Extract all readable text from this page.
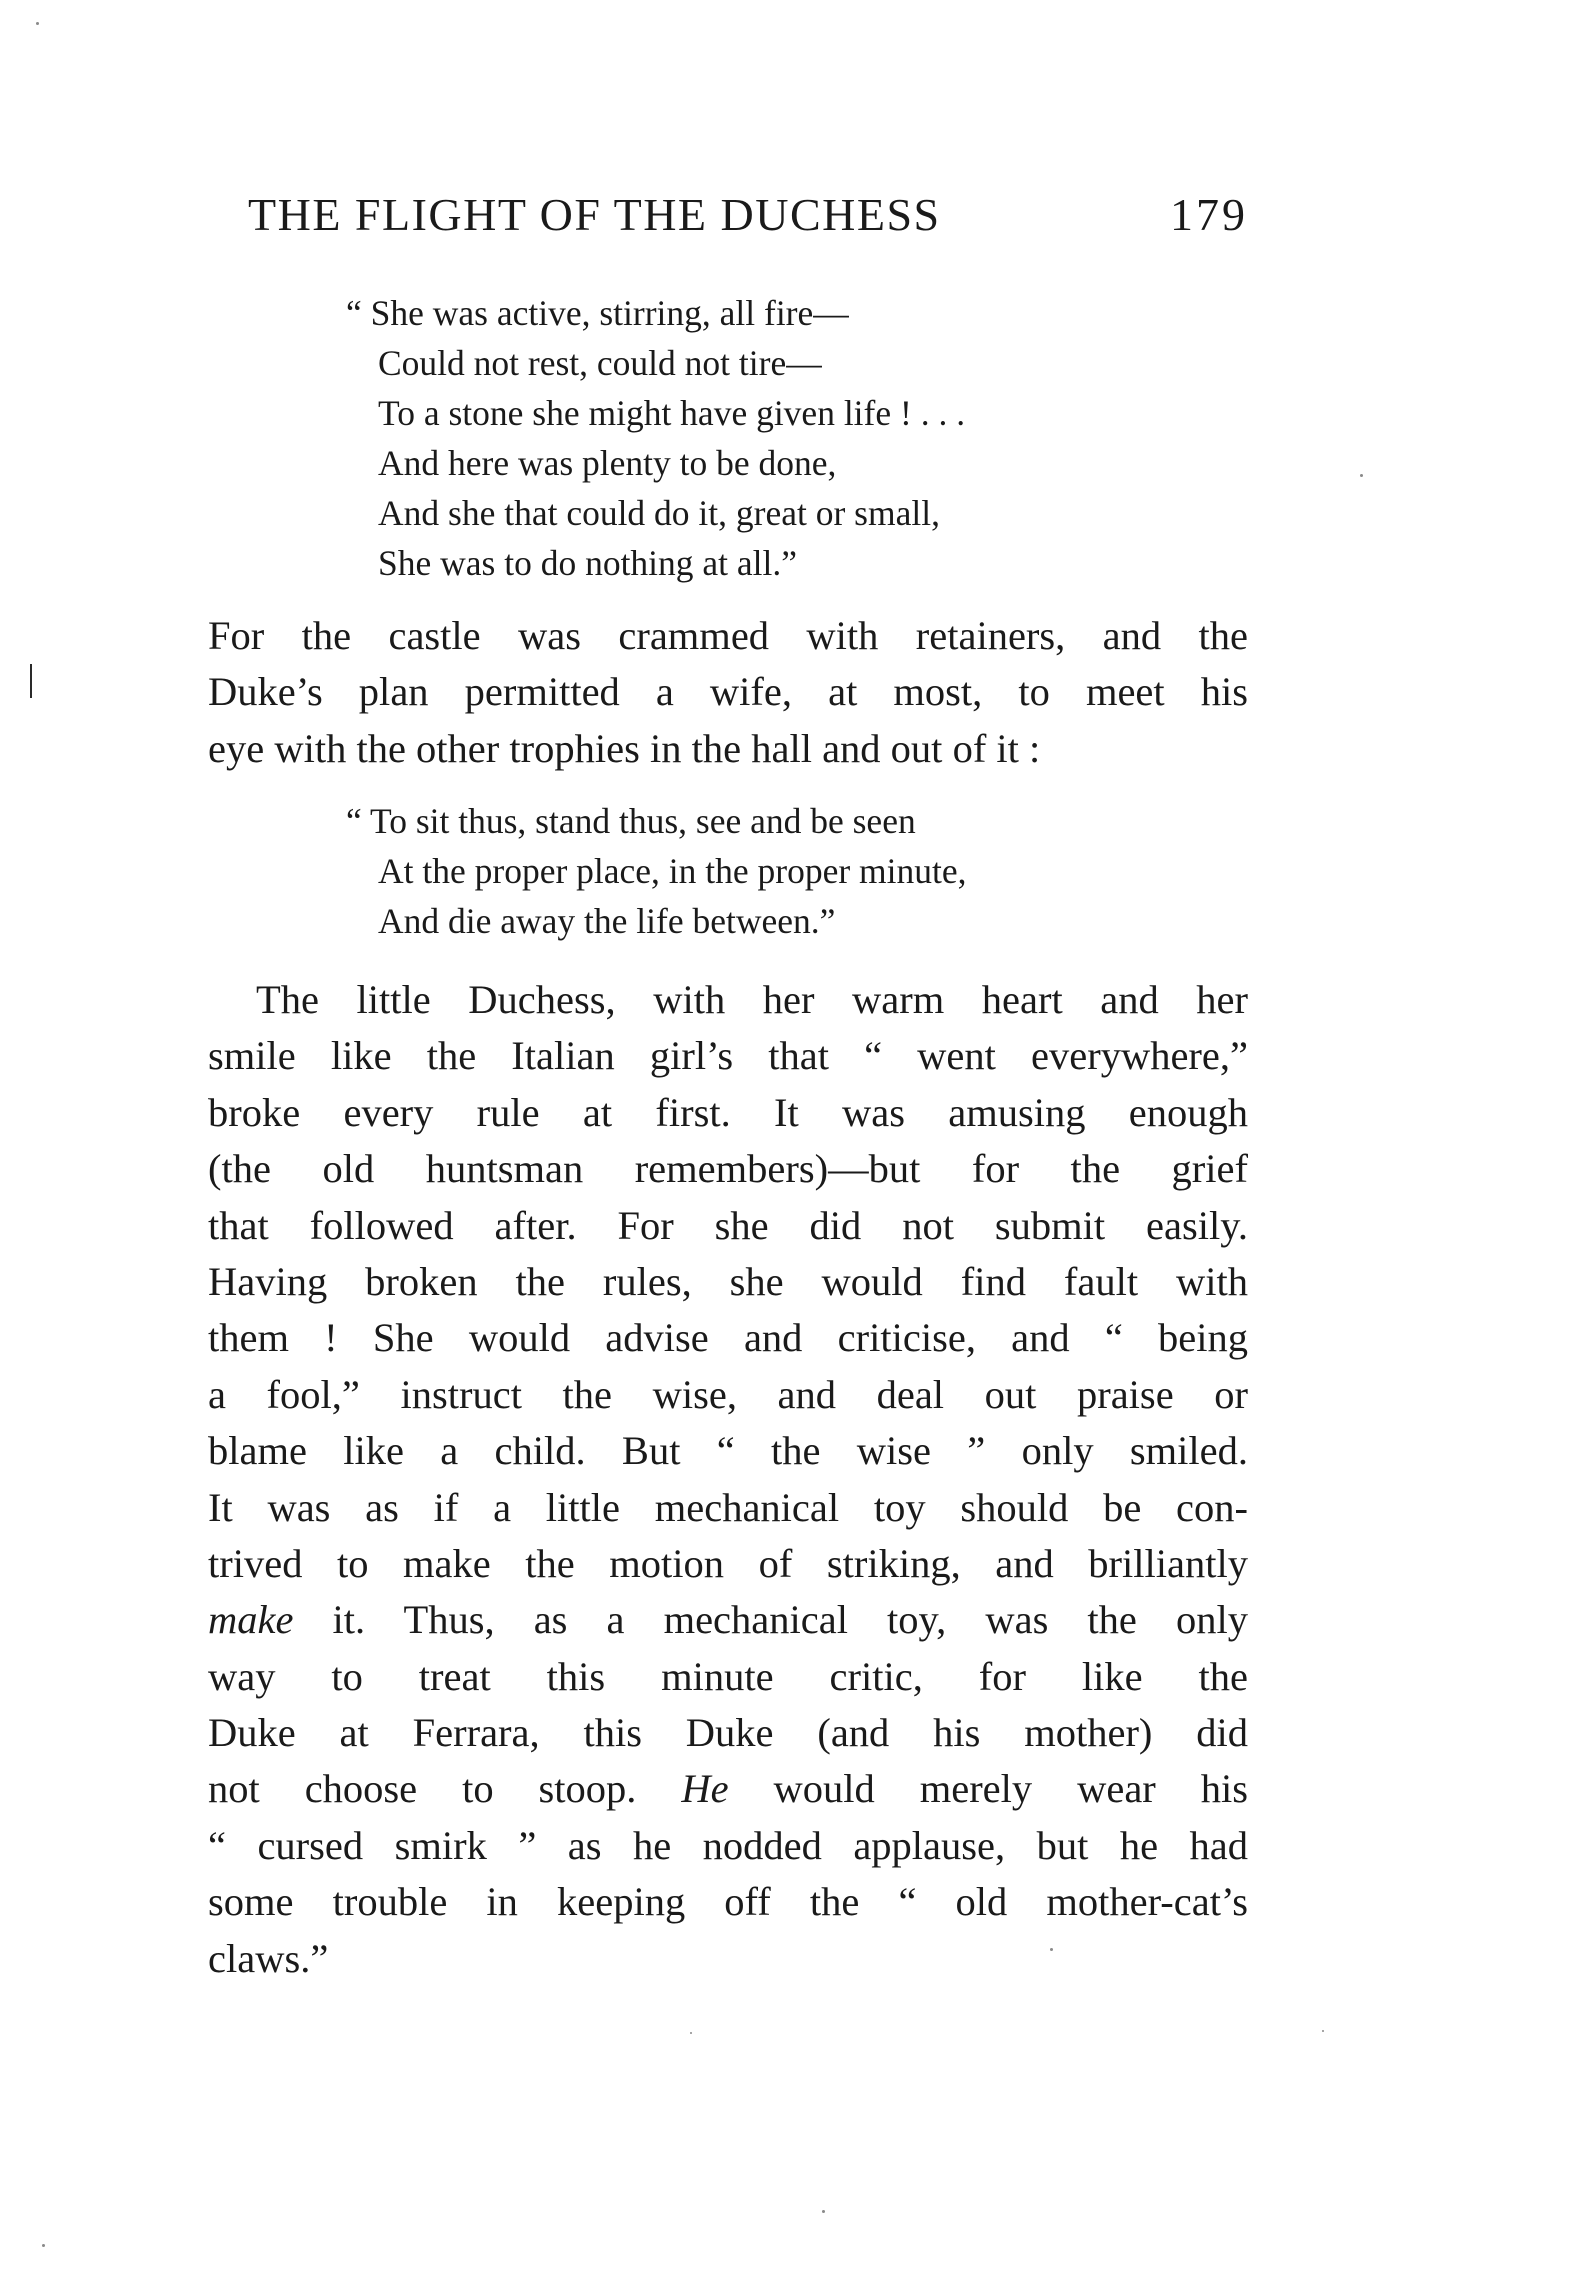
THE FLIGHT OF THE DUCHESS	179
“ She was active, stirring, all fire—
Could not rest, could not tire—
To a stone she might have given life ! . . .
And here was plenty to be done,
And she that could do it, great or small,
She was to do nothing at all.”
For the castle was crammed with retainers, and the
Duke’s plan permitted a wife, at most, to meet his
eye with the other trophies in the hall and out of it :
“ To sit thus, stand thus, see and be seen
At the proper place, in the proper minute,
And die away the life between.”
The little Duchess, with her warm heart and her
smile like the Italian girl’s that “ went everywhere,”
broke every rule at first. It was amusing enough
(the old huntsman remembers)—but for the grief
that followed after. For she did not submit easily.
Having broken the rules, she would find fault with
them ! She would advise and criticise, and “ being
a fool,” instruct the wise, and deal out praise or
blame like a child. But “ the wise ” only smiled.
It was as if a little mechanical toy should be con-
trived to make the motion of striking, and brilliantly
make it. Thus, as a mechanical toy, was the only
way to treat this minute critic, for like the
Duke at Ferrara, this Duke (and his mother) did
not choose to stoop. He would merely wear his
“ cursed smirk ” as he nodded applause, but he had
some trouble in keeping off the “ old mother-cat’s
claws.”
